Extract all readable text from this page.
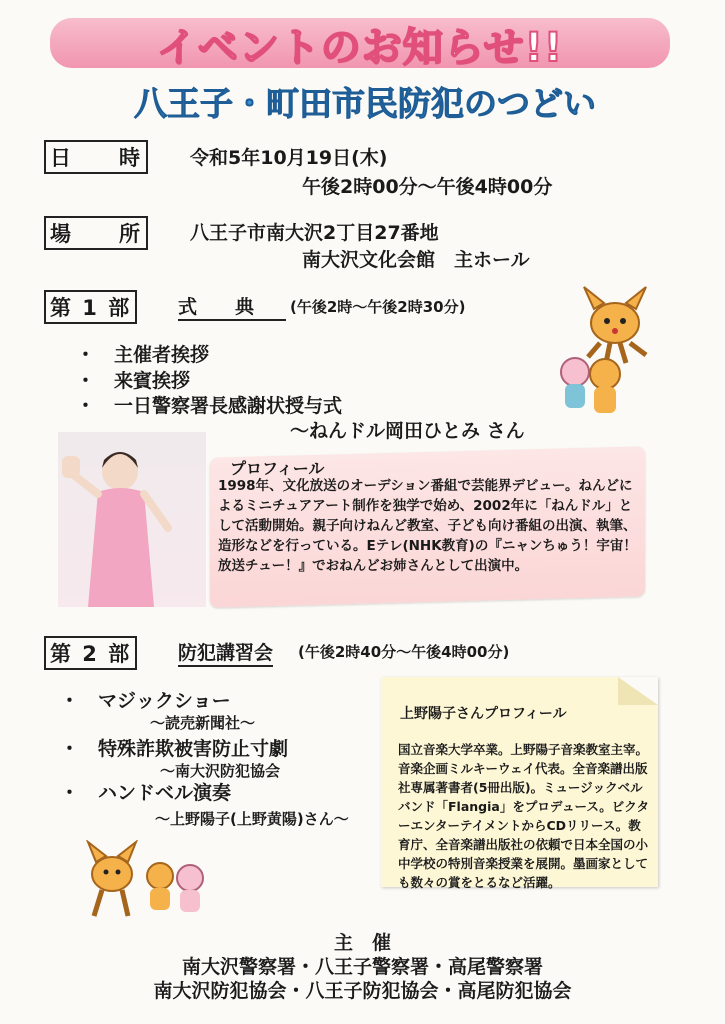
イベントのお知らせ!!
八王子・町田市民防犯のつどい
日　　時	令和5年10月19日(木)
午後2時00分～午後4時00分
場　　所	八王子市南大沢2丁目27番地
南大沢文化会館　主ホール
第 1 部	式　　典	(午後2時～午後2時30分)
・　主催者挨拶
・　来賓挨拶
・　一日警察署長感謝状授与式
～ねんドル岡田ひとみ さん
プロフィール
1998年、文化放送のオーデション番組で芸能界デビュー。ねんどによるミニチュアアート制作を独学で始め、2002年に「ねんドル」として活動開始。親子向けねんど教室、子ども向け番組の出演、執筆、造形などを行っている。Eテレ(NHK教育)の『ニャンちゅう！宇宙！放送チュー！』でおねんどお姉さんとして出演中。
第 2 部	防犯講習会 (午後2時40分～午後4時00分)
・　マジックショー
～読売新聞社～
・　特殊詐欺被害防止寸劇
～南大沢防犯協会
・　ハンドベル演奏
～上野陽子(上野黄陽)さん～
上野陽子さんプロフィール
国立音楽大学卒業。上野陽子音楽教室主宰。音楽企画ミルキーウェイ代表。全音楽譜出版社専属著書者(5冊出版)。ミュージックベルバンド「Flangia」をプロデュース。ビクターエンターテイメントからCDリリース。教育庁、全音楽譜出版社の依頼で日本全国の小中学校の特別音楽授業を展開。墨画家としても数々の賞をとるなど活躍。
主　催
南大沢警察署・八王子警察署・高尾警察署
南大沢防犯協会・八王子防犯協会・高尾防犯協会
